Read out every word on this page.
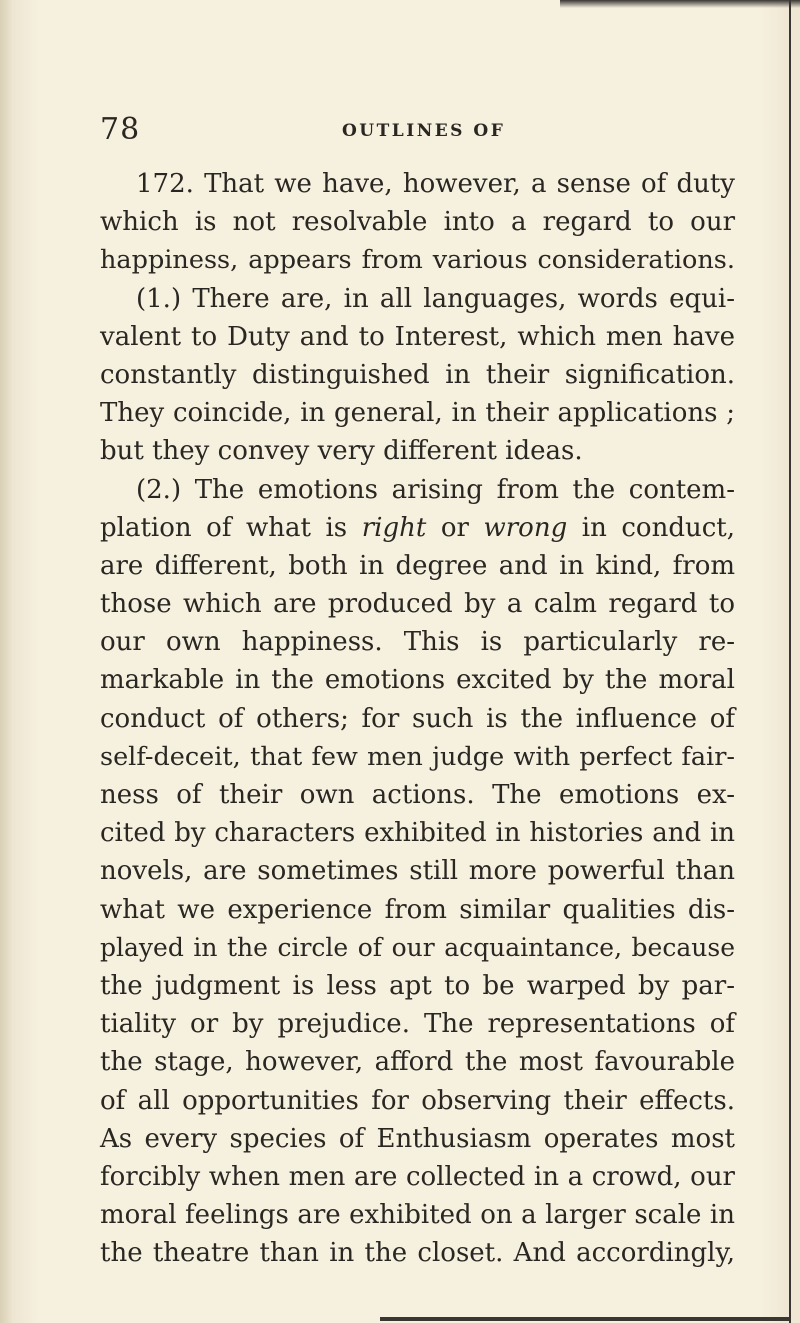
78	OUTLINES OF
172. That we have, however, a sense of duty
which is not resolvable into a regard to our
happiness, appears from various considerations.
(1.) There are, in all languages, words equi-
valent to Duty and to Interest, which men have
constantly distinguished in their signification.
They coincide, in general, in their applications ;
but they convey very different ideas.
(2.) The emotions arising from the contem-
plation of what is right or wrong in conduct,
are different, both in degree and in kind, from
those which are produced by a calm regard to
our own happiness. This is particularly re-
markable in the emotions excited by the moral
conduct of others; for such is the influence of
self-deceit, that few men judge with perfect fair-
ness of their own actions. The emotions ex-
cited by characters exhibited in histories and in
novels, are sometimes still more powerful than
what we experience from similar qualities dis-
played in the circle of our acquaintance, because
the judgment is less apt to be warped by par-
tiality or by prejudice. The representations of
the stage, however, afford the most favourable
of all opportunities for observing their effects.
As every species of Enthusiasm operates most
forcibly when men are collected in a crowd, our
moral feelings are exhibited on a larger scale in
the theatre than in the closet. And accordingly,
